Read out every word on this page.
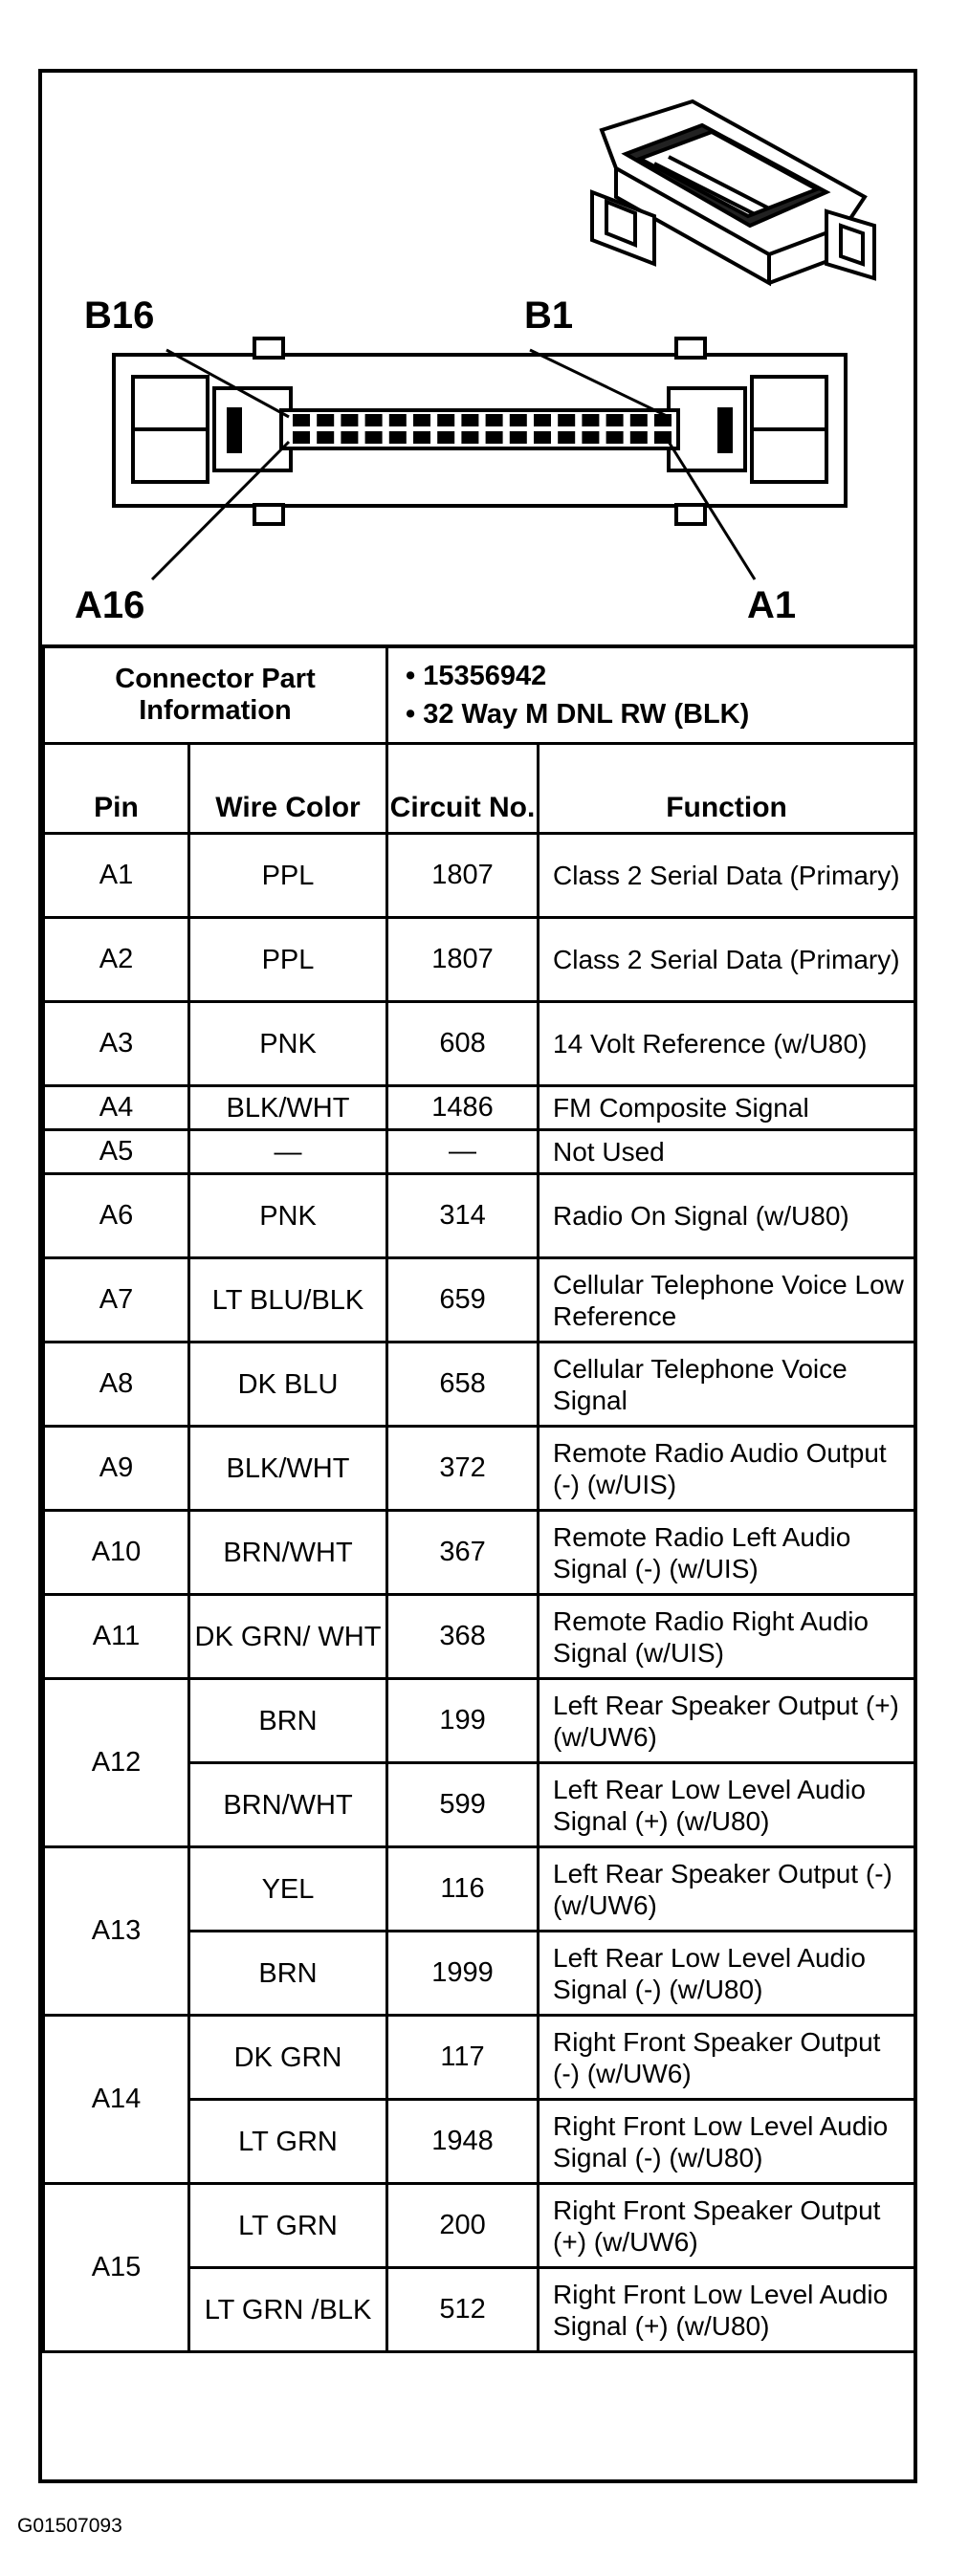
B16	B1
A16	A1
Connector Part Information		• 15356942
• 32 Way M DNL RW (BLK)	

Pin	Wire Color	Circuit No.	Function
A1	PPL	1807	Class 2 Serial Data (Primary)
A2	PPL	1807	Class 2 Serial Data (Primary)
A3	PNK	608	14 Volt Reference (w/U80)
A4	BLK/WHT	1486	FM Composite Signal
A5	—	—	Not Used
A6	PNK	314	Radio On Signal (w/U80)
A7	LT BLU/BLK	659	Cellular Telephone Voice Low Reference
A8	DK BLU	658	Cellular Telephone Voice Signal
A9	BLK/WHT	372	Remote Radio Audio Output (-) (w/UIS)
A10	BRN/WHT	367	Remote Radio Left Audio Signal (-) (w/UIS)
A11	DK GRN/ WHT	368	Remote Radio Right Audio Signal (w/UIS)
A12	BRN	199	Left Rear Speaker Output (+) (w/UW6)
	BRN/WHT	599	Left Rear Low Level Audio Signal (+) (w/U80)
A13	YEL	116	Left Rear Speaker Output (-) (w/UW6)
	BRN	1999	Left Rear Low Level Audio Signal (-) (w/U80)
A14	DK GRN	117	Right Front Speaker Output (-) (w/UW6)
	LT GRN	1948	Right Front Low Level Audio Signal (-) (w/U80)
A15	LT GRN	200	Right Front Speaker Output (+) (w/UW6)
	LT GRN /BLK	512	Right Front Low Level Audio Signal (+) (w/U80)
G01507093
